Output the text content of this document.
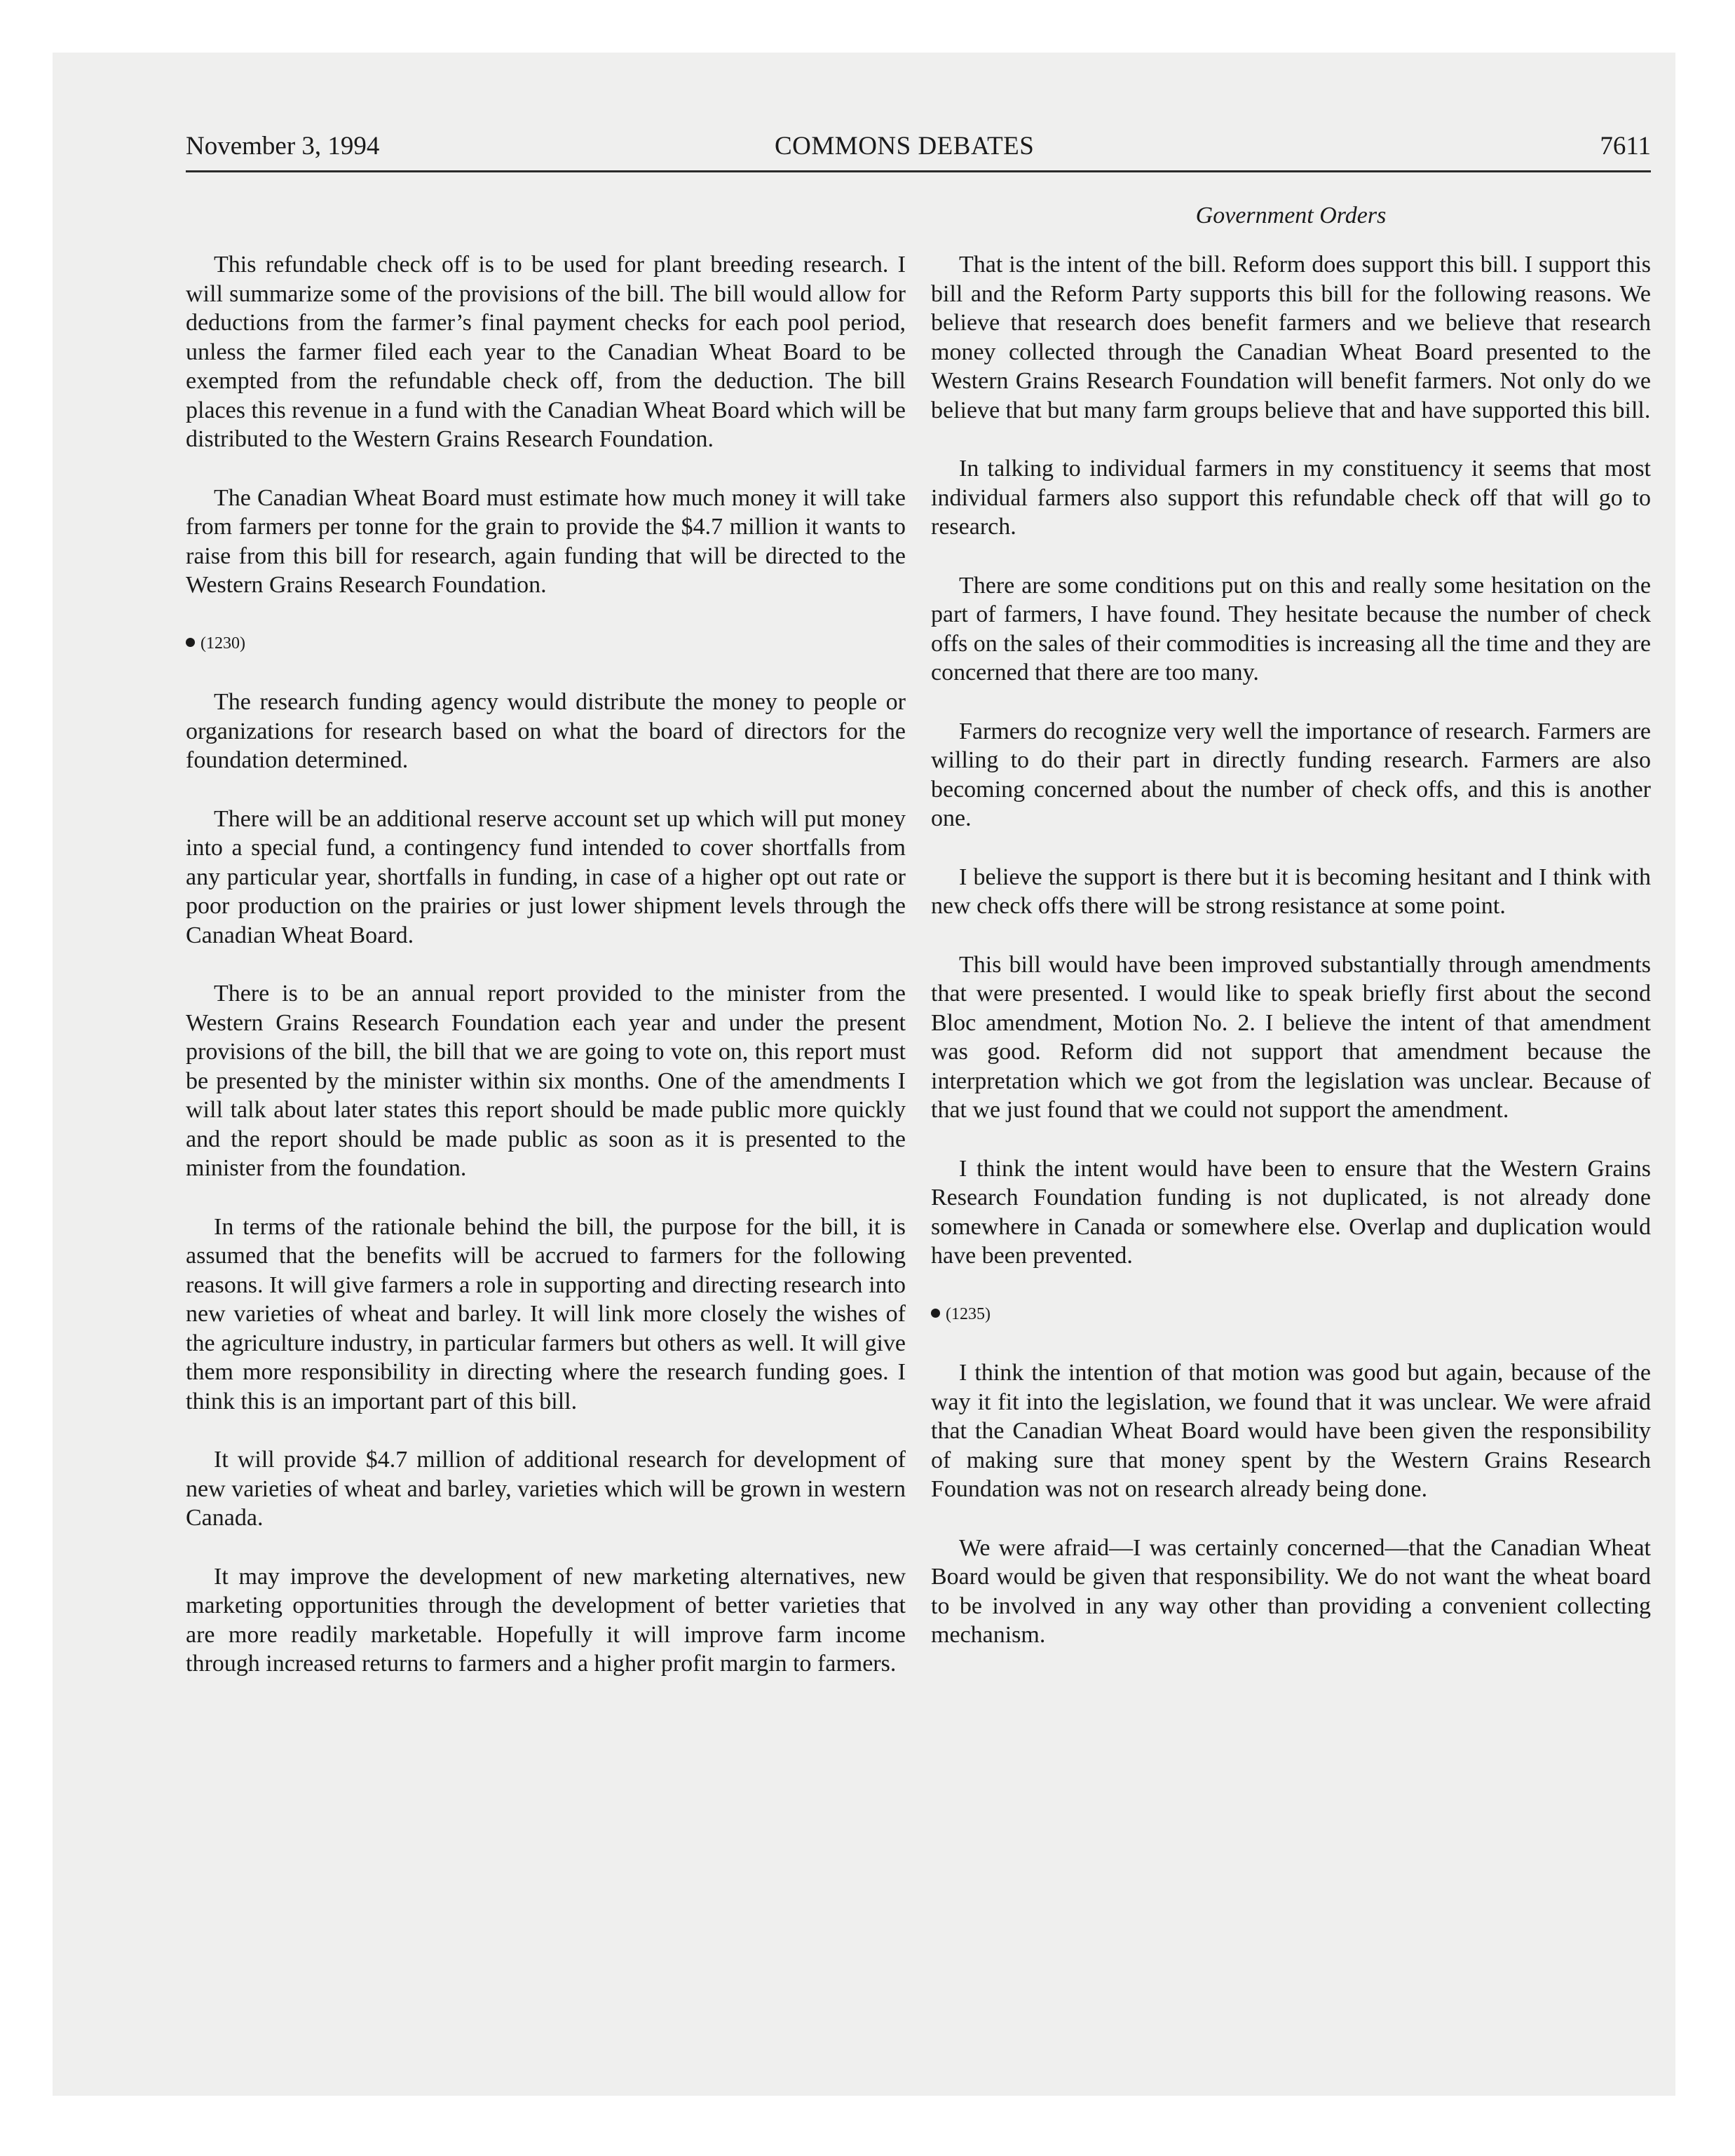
November 3, 1994	COMMONS DEBATES	7611
Government Orders

This refundable check off is to be used for plant breeding research. I will summarize some of the provisions of the bill. The bill would allow for deductions from the farmer’s final payment checks for each pool period, unless the farmer filed each year to the Canadian Wheat Board to be exempted from the refundable check off, from the deduction. The bill places this revenue in a fund with the Canadian Wheat Board which will be distributed to the Western Grains Research Foundation.

The Canadian Wheat Board must estimate how much money it will take from farmers per tonne for the grain to provide the $4.7 million it wants to raise from this bill for research, again funding that will be directed to the Western Grains Research Foundation.

(1230)

The research funding agency would distribute the money to people or organizations for research based on what the board of directors for the foundation determined.

There will be an additional reserve account set up which will put money into a special fund, a contingency fund intended to cover shortfalls from any particular year, shortfalls in funding, in case of a higher opt out rate or poor production on the prairies or just lower shipment levels through the Canadian Wheat Board.

There is to be an annual report provided to the minister from the Western Grains Research Foundation each year and under the present provisions of the bill, the bill that we are going to vote on, this report must be presented by the minister within six months. One of the amendments I will talk about later states this report should be made public more quickly and the report should be made public as soon as it is presented to the minister from the foundation.

In terms of the rationale behind the bill, the purpose for the bill, it is assumed that the benefits will be accrued to farmers for the following reasons. It will give farmers a role in supporting and directing research into new varieties of wheat and barley. It will link more closely the wishes of the agriculture industry, in particular farmers but others as well. It will give them more responsibility in directing where the research funding goes. I think this is an important part of this bill.

It will provide $4.7 million of additional research for development of new varieties of wheat and barley, varieties which will be grown in western Canada.

It may improve the development of new marketing alternatives, new marketing opportunities through the development of better varieties that are more readily marketable. Hopefully it will improve farm income through increased returns to farmers and a higher profit margin to farmers.

That is the intent of the bill. Reform does support this bill. I support this bill and the Reform Party supports this bill for the following reasons. We believe that research does benefit farmers and we believe that research money collected through the Canadian Wheat Board presented to the Western Grains Research Foundation will benefit farmers. Not only do we believe that but many farm groups believe that and have supported this bill.

In talking to individual farmers in my constituency it seems that most individual farmers also support this refundable check off that will go to research.

There are some conditions put on this and really some hesitation on the part of farmers, I have found. They hesitate because the number of check offs on the sales of their commodities is increasing all the time and they are concerned that there are too many.

Farmers do recognize very well the importance of research. Farmers are willing to do their part in directly funding research. Farmers are also becoming concerned about the number of check offs, and this is another one.

I believe the support is there but it is becoming hesitant and I think with new check offs there will be strong resistance at some point.

This bill would have been improved substantially through amendments that were presented. I would like to speak briefly first about the second Bloc amendment, Motion No. 2. I believe the intent of that amendment was good. Reform did not support that amendment because the interpretation which we got from the legislation was unclear. Because of that we just found that we could not support the amendment.

I think the intent would have been to ensure that the Western Grains Research Foundation funding is not duplicated, is not already done somewhere in Canada or somewhere else. Overlap and duplication would have been prevented.

(1235)

I think the intention of that motion was good but again, because of the way it fit into the legislation, we found that it was unclear. We were afraid that the Canadian Wheat Board would have been given the responsibility of making sure that money spent by the Western Grains Research Foundation was not on research already being done.

We were afraid—I was certainly concerned—that the Canadian Wheat Board would be given that responsibility. We do not want the wheat board to be involved in any way other than providing a convenient collecting mechanism.
